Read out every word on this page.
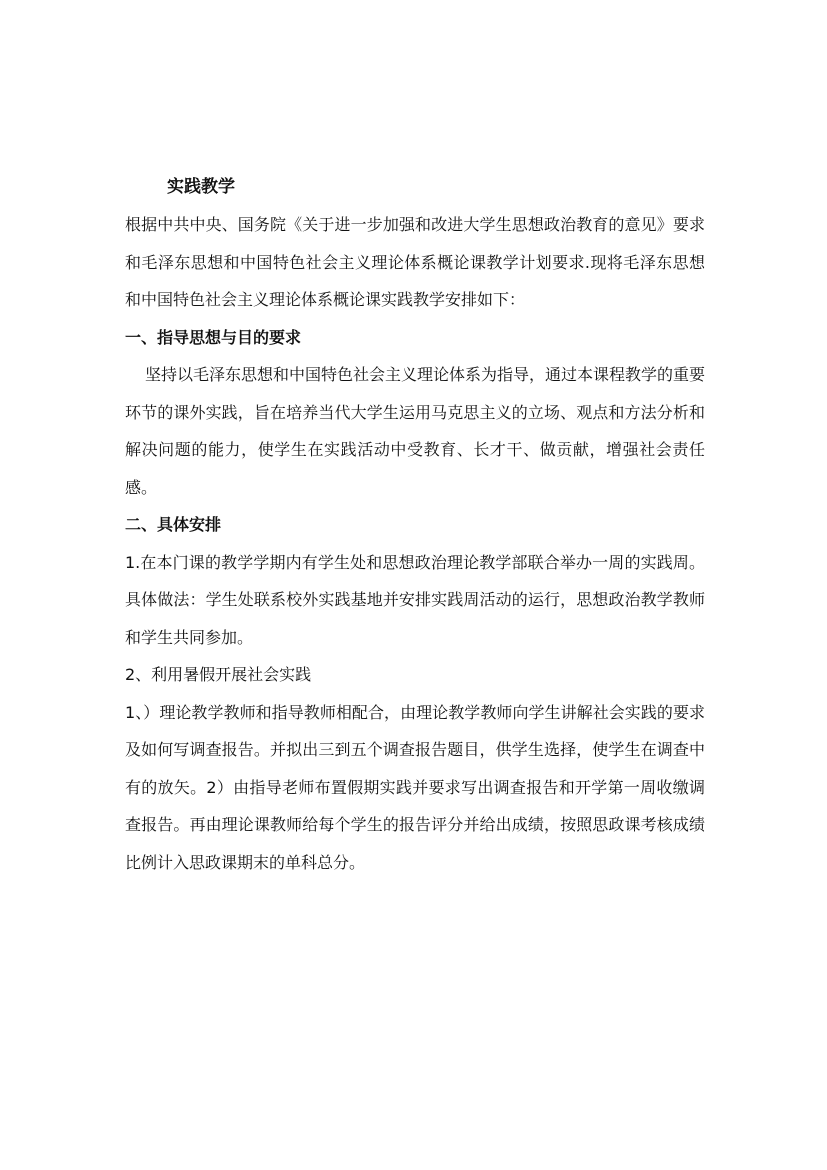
实践教学

根据中共中央、国务院《关于进一步加强和改进大学生思想政治教育的意见》要求和毛泽东思想和中国特色社会主义理论体系概论课教学计划要求.现将毛泽东思想和中国特色社会主义理论体系概论课实践教学安排如下：

一、指导思想与目的要求

坚持以毛泽东思想和中国特色社会主义理论体系为指导，通过本课程教学的重要环节的课外实践，旨在培养当代大学生运用马克思主义的立场、观点和方法分析和解决问题的能力，使学生在实践活动中受教育、长才干、做贡献，增强社会责任感。

二、具体安排

1.在本门课的教学学期内有学生处和思想政治理论教学部联合举办一周的实践周。具体做法：学生处联系校外实践基地并安排实践周活动的运行，思想政治教学教师和学生共同参加。

2、利用暑假开展社会实践

1、）理论教学教师和指导教师相配合，由理论教学教师向学生讲解社会实践的要求及如何写调查报告。并拟出三到五个调查报告题目，供学生选择，使学生在调查中有的放矢。2）由指导老师布置假期实践并要求写出调查报告和开学第一周收缴调查报告。再由理论课教师给每个学生的报告评分并给出成绩，按照思政课考核成绩比例计入思政课期末的单科总分。
